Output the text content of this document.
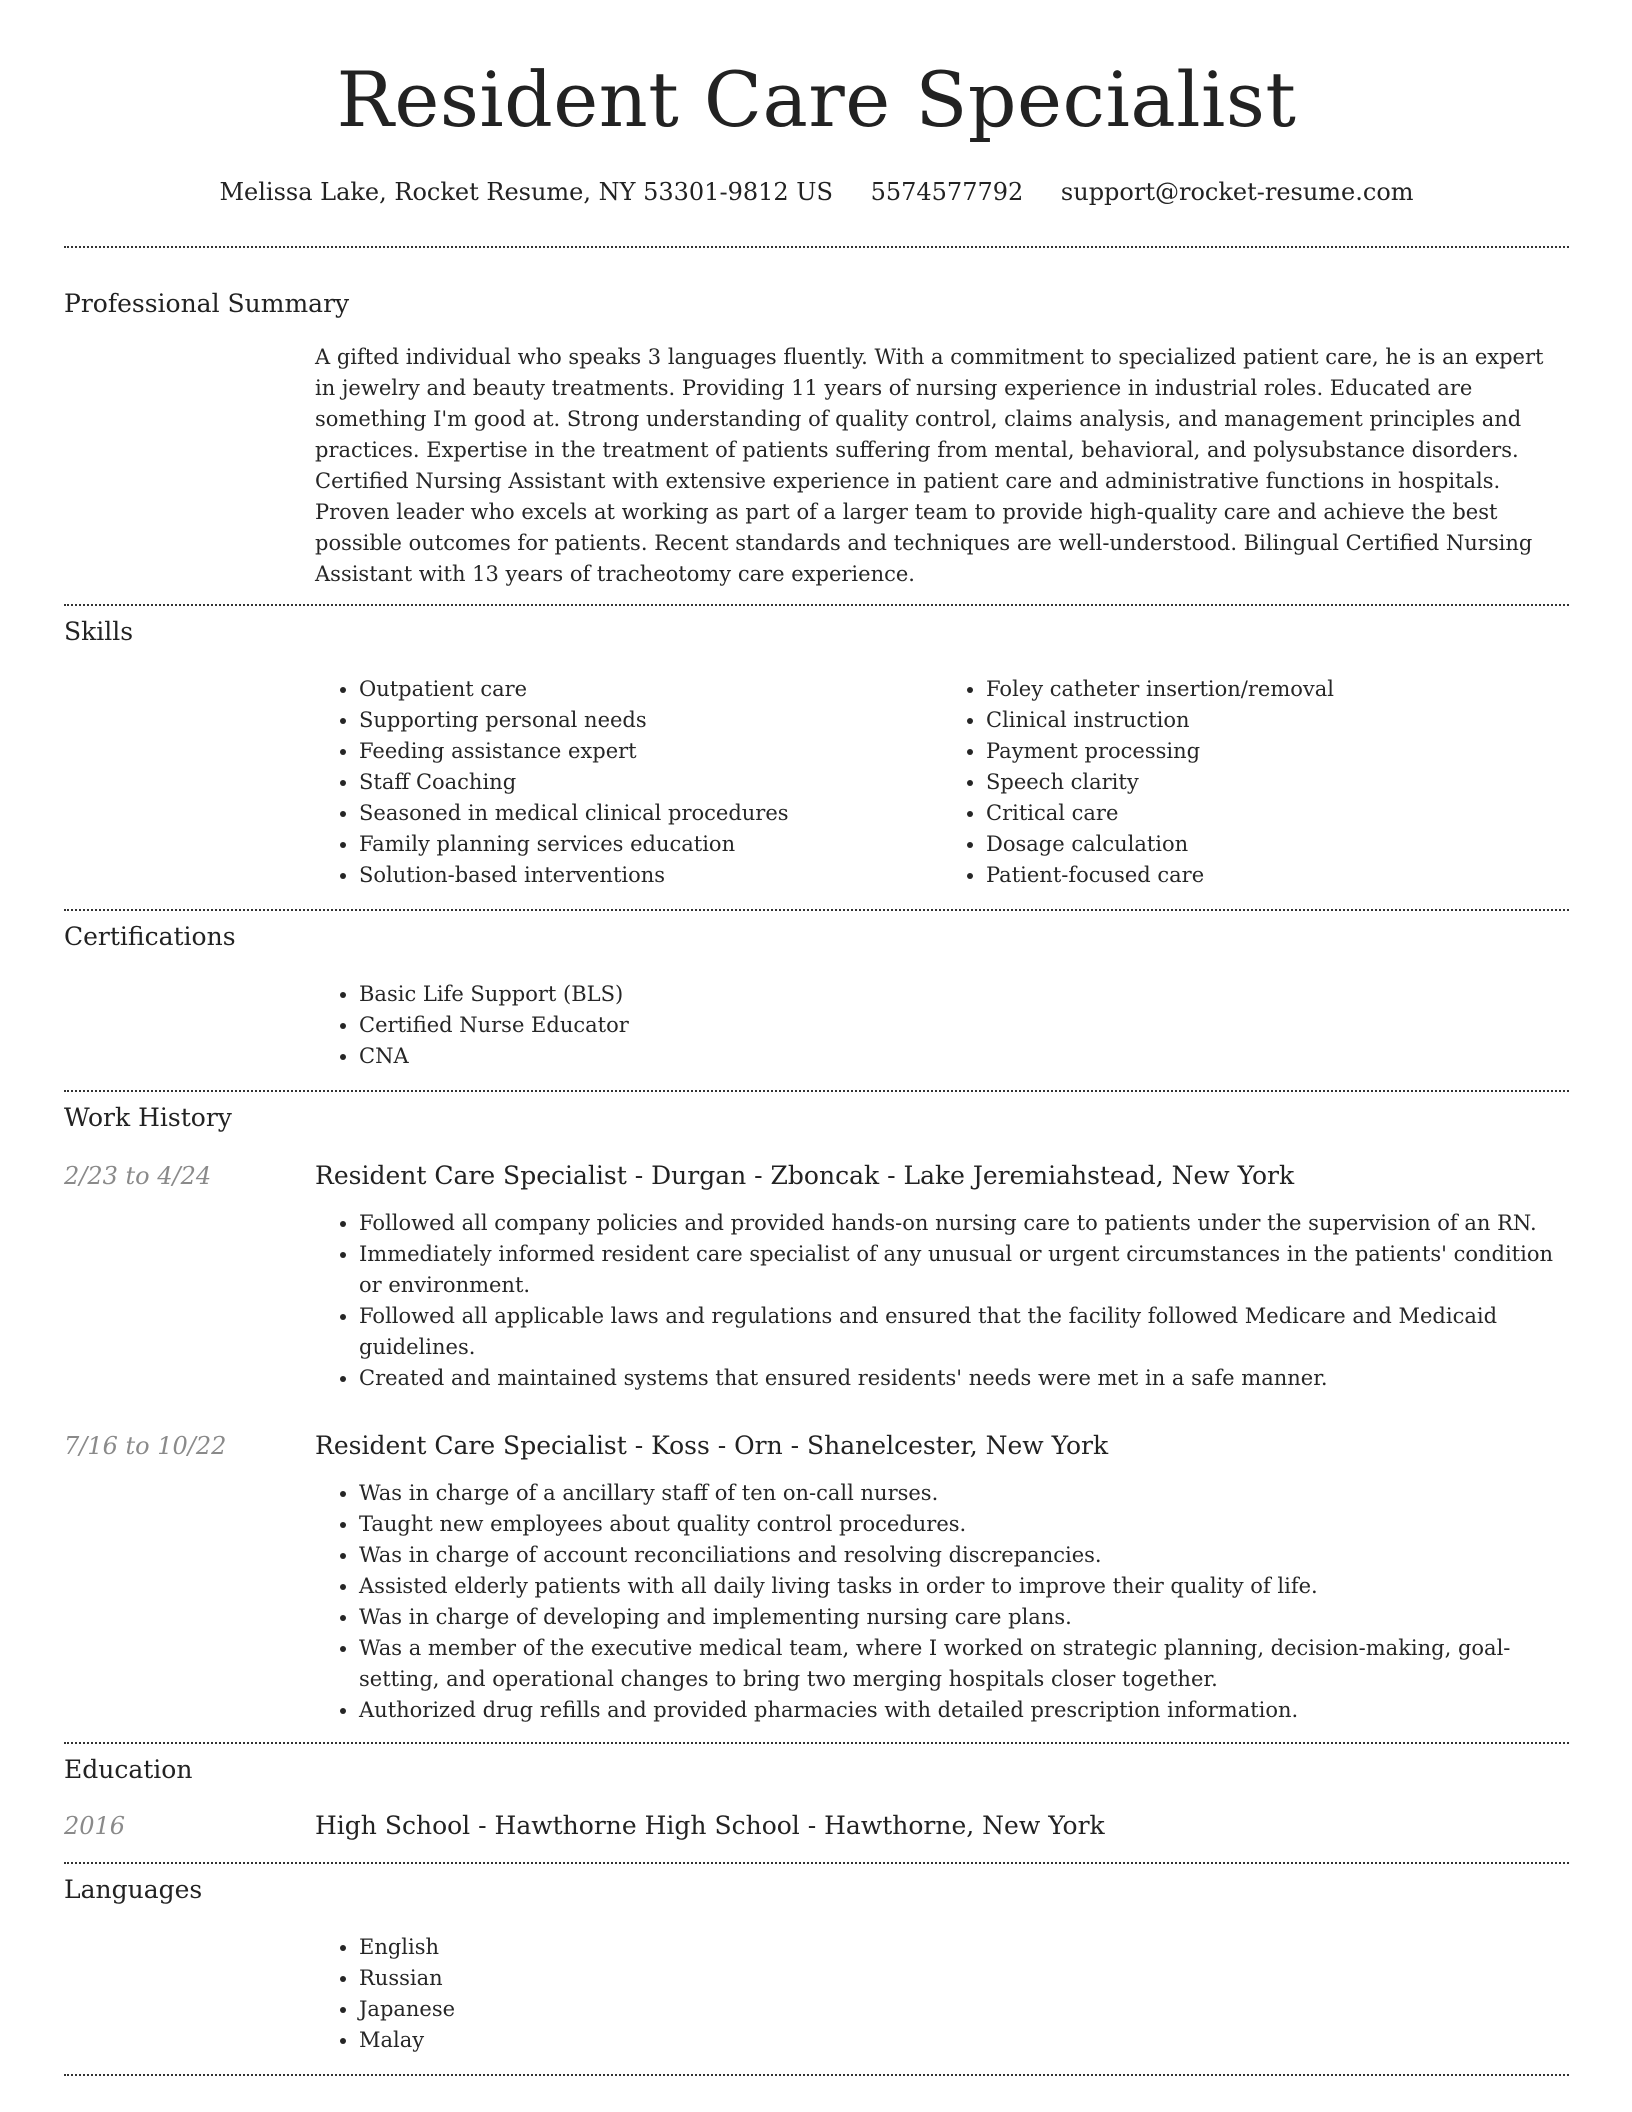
Resident Care Specialist
Melissa Lake, Rocket Resume, NY 53301-9812 US 5574577792 support@rocket-resume.com
Professional Summary
A gifted individual who speaks 3 languages fluently. With a commitment to specialized patient care, he is an expert in jewelry and beauty treatments. Providing 11 years of nursing experience in industrial roles. Educated are something I'm good at. Strong understanding of quality control, claims analysis, and management principles and practices. Expertise in the treatment of patients suffering from mental, behavioral, and polysubstance disorders. Certified Nursing Assistant with extensive experience in patient care and administrative functions in hospitals. Proven leader who excels at working as part of a larger team to provide high-quality care and achieve the best possible outcomes for patients. Recent standards and techniques are well-understood. Bilingual Certified Nursing Assistant with 13 years of tracheotomy care experience.
Skills
• Outpatient care
• Supporting personal needs
• Feeding assistance expert
• Staff Coaching
• Seasoned in medical clinical procedures
• Family planning services education
• Solution-based interventions
• Foley catheter insertion/removal
• Clinical instruction
• Payment processing
• Speech clarity
• Critical care
• Dosage calculation
• Patient-focused care
Certifications
• Basic Life Support (BLS)
• Certified Nurse Educator
• CNA
Work History
2/23 to 4/24	Resident Care Specialist - Durgan - Zboncak - Lake Jeremiahstead, New York
• Followed all company policies and provided hands-on nursing care to patients under the supervision of an RN.
• Immediately informed resident care specialist of any unusual or urgent circumstances in the patients' condition or environment.
• Followed all applicable laws and regulations and ensured that the facility followed Medicare and Medicaid guidelines.
• Created and maintained systems that ensured residents' needs were met in a safe manner.
7/16 to 10/22	Resident Care Specialist - Koss - Orn - Shanelcester, New York
• Was in charge of a ancillary staff of ten on-call nurses.
• Taught new employees about quality control procedures.
• Was in charge of account reconciliations and resolving discrepancies.
• Assisted elderly patients with all daily living tasks in order to improve their quality of life.
• Was in charge of developing and implementing nursing care plans.
• Was a member of the executive medical team, where I worked on strategic planning, decision-making, goal-setting, and operational changes to bring two merging hospitals closer together.
• Authorized drug refills and provided pharmacies with detailed prescription information.
Education
2016	High School - Hawthorne High School - Hawthorne, New York
Languages
• English
• Russian
• Japanese
• Malay
